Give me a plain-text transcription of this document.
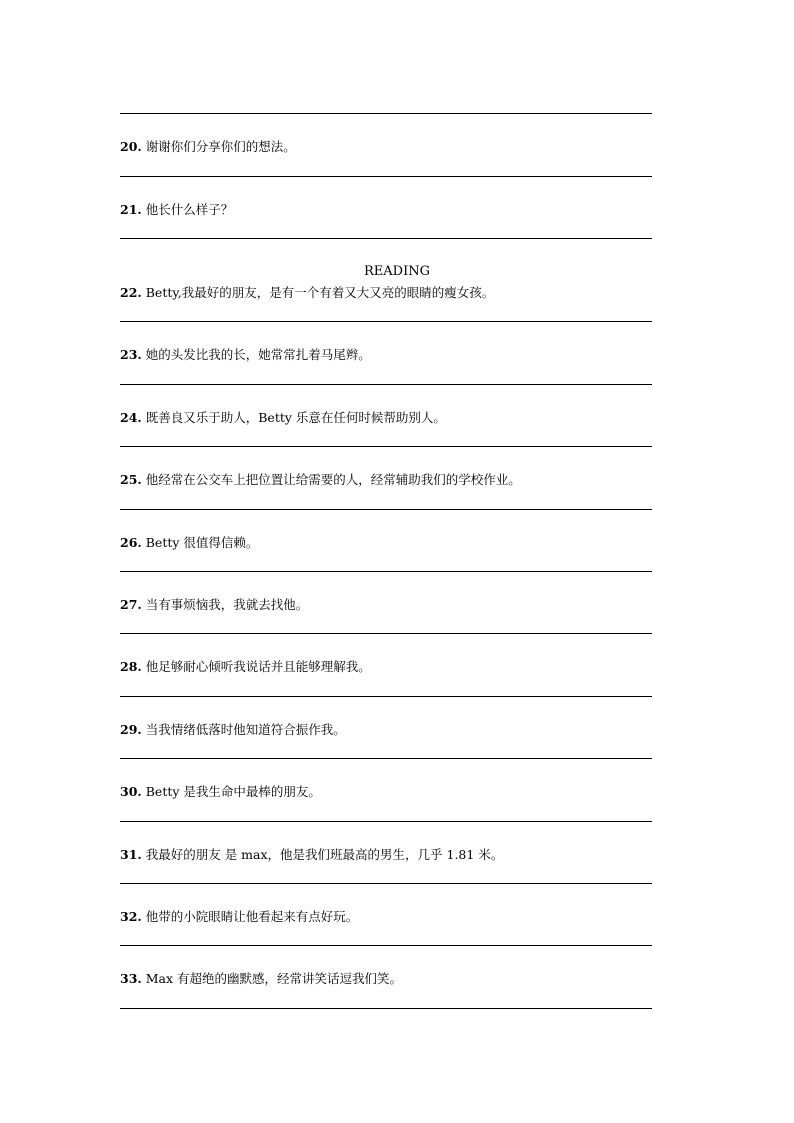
READING
20. 谢谢你们分享你们的想法。
21. 他长什么样子？
22. Betty,我最好的朋友，是有一个有着又大又亮的眼睛的瘦女孩。
23. 她的头发比我的长，她常常扎着马尾辫。
24. 既善良又乐于助人，Betty 乐意在任何时候帮助别人。
25. 他经常在公交车上把位置让给需要的人，经常辅助我们的学校作业。
26. Betty 很值得信赖。
27. 当有事烦恼我，我就去找他。
28. 他足够耐心倾听我说话并且能够理解我。
29. 当我情绪低落时他知道符合振作我。
30. Betty 是我生命中最棒的朋友。
31. 我最好的朋友 是 max，他是我们班最高的男生，几乎 1.81 米。
32. 他带的小院眼睛让他看起来有点好玩。
33. Max 有超绝的幽默感，经常讲笑话逗我们笑。
